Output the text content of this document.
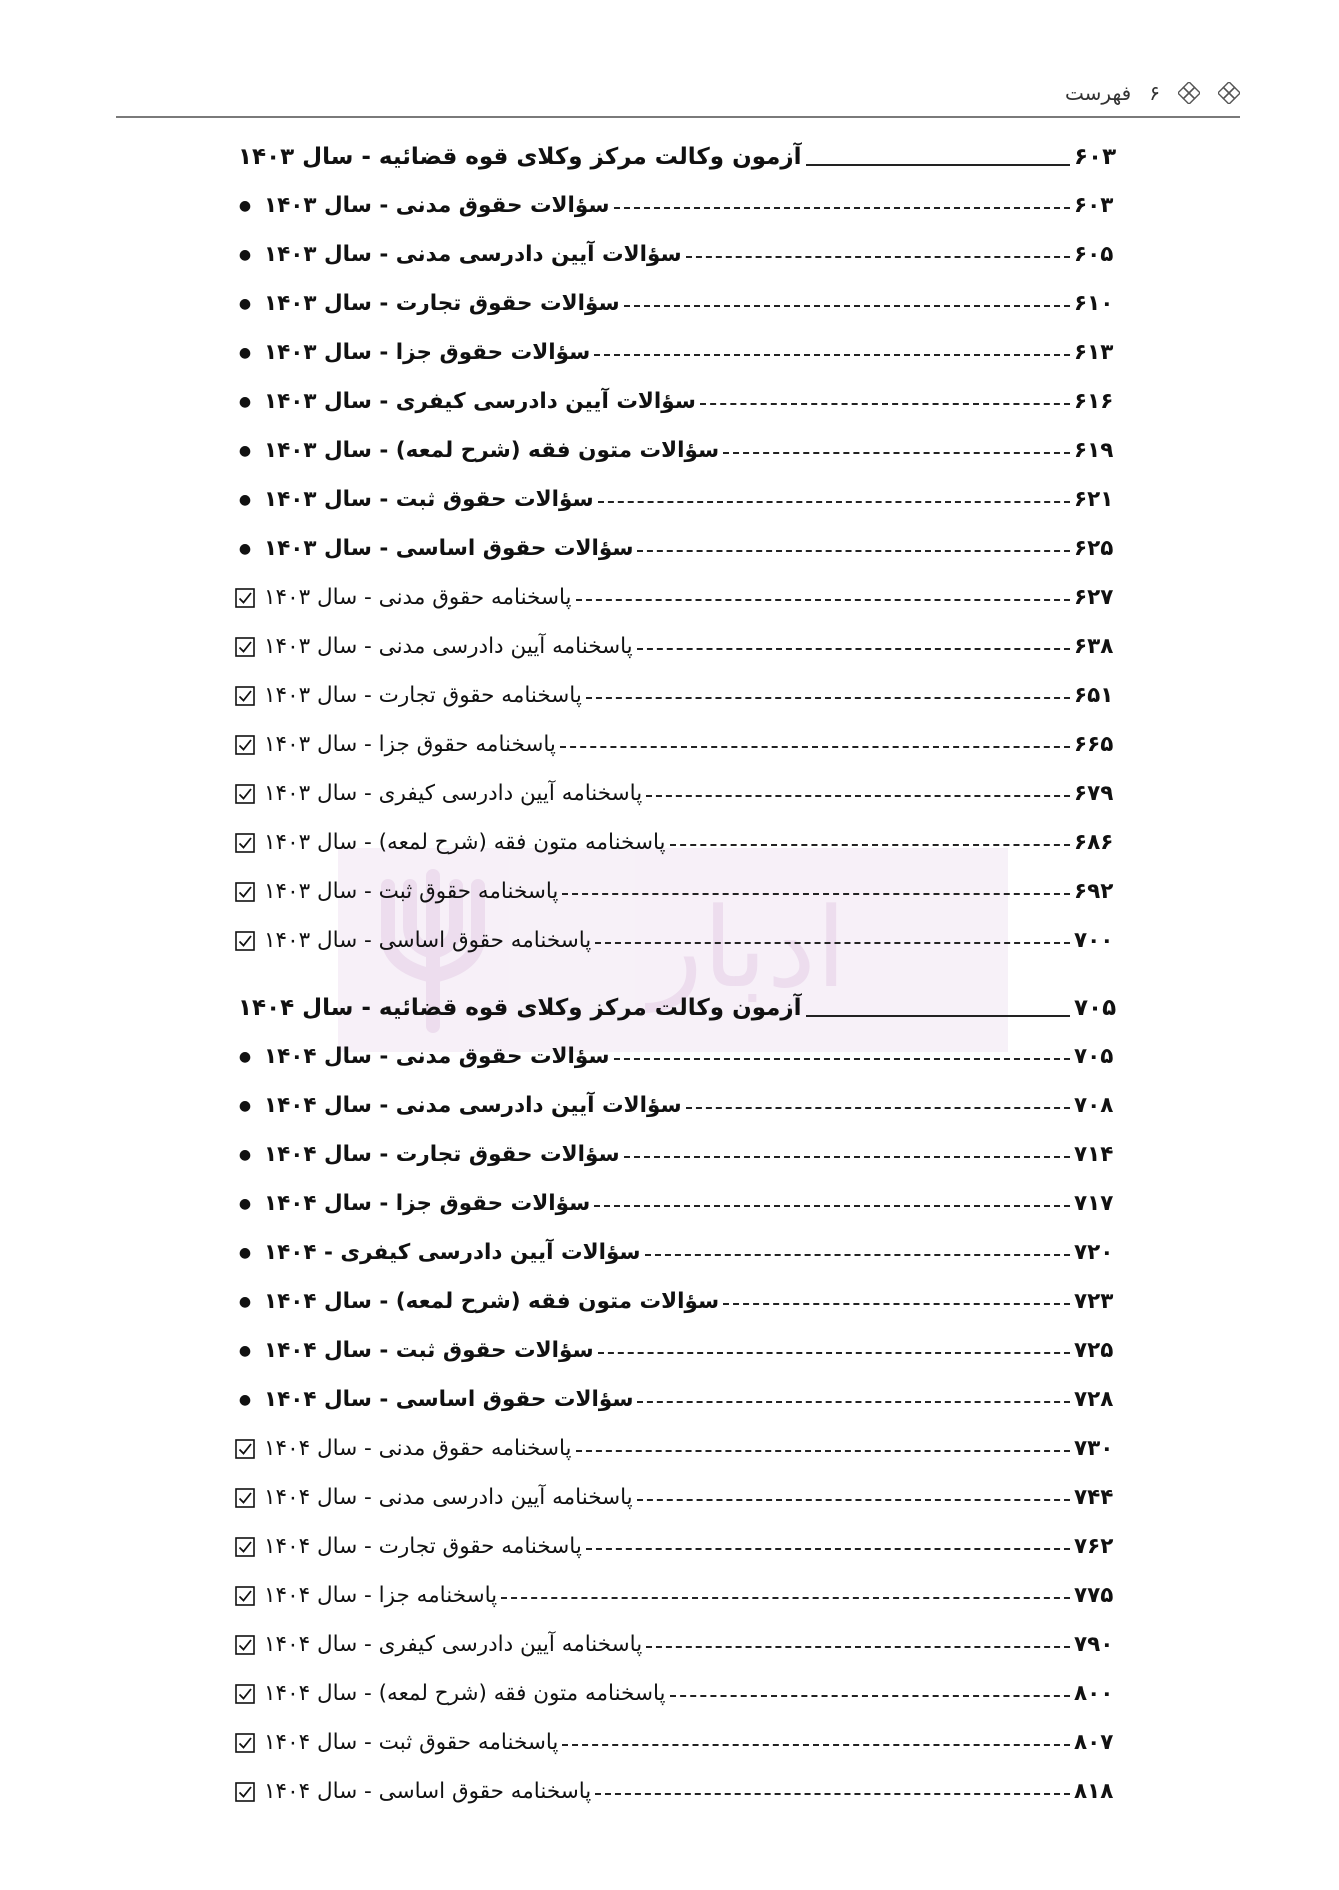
۶
فهرست
ادبار
آزمون وکالت مرکز وکلای قوه قضائیه - سال ۱۴۰۳	۶۰۳
● سؤالات حقوق مدنی - سال ۱۴۰۳	۶۰۳
● سؤالات آیین دادرسی مدنی - سال ۱۴۰۳	۶۰۵
● سؤالات حقوق تجارت - سال ۱۴۰۳	۶۱۰
● سؤالات حقوق جزا - سال ۱۴۰۳	۶۱۳
● سؤالات آیین دادرسی کیفری - سال ۱۴۰۳	۶۱۶
● سؤالات متون فقه (شرح لمعه) - سال ۱۴۰۳	۶۱۹
● سؤالات حقوق ثبت - سال ۱۴۰۳	۶۲۱
● سؤالات حقوق اساسی - سال ۱۴۰۳	۶۲۵
پاسخنامه حقوق مدنی - سال ۱۴۰۳	۶۲۷
پاسخنامه آیین دادرسی مدنی - سال ۱۴۰۳	۶۳۸
پاسخنامه حقوق تجارت - سال ۱۴۰۳	۶۵۱
پاسخنامه حقوق جزا - سال ۱۴۰۳	۶۶۵
پاسخنامه آیین دادرسی کیفری - سال ۱۴۰۳	۶۷۹
پاسخنامه متون فقه (شرح لمعه) - سال ۱۴۰۳	۶۸۶
پاسخنامه حقوق ثبت - سال ۱۴۰۳	۶۹۲
پاسخنامه حقوق اساسی - سال ۱۴۰۳	۷۰۰
آزمون وکالت مرکز وکلای قوه قضائیه - سال ۱۴۰۴	۷۰۵
● سؤالات حقوق مدنی - سال ۱۴۰۴	۷۰۵
● سؤالات آیین دادرسی مدنی - سال ۱۴۰۴	۷۰۸
● سؤالات حقوق تجارت - سال ۱۴۰۴	۷۱۴
● سؤالات حقوق جزا - سال ۱۴۰۴	۷۱۷
● سؤالات آیین دادرسی کیفری - ۱۴۰۴	۷۲۰
● سؤالات متون فقه (شرح لمعه) - سال ۱۴۰۴	۷۲۳
● سؤالات حقوق ثبت - سال ۱۴۰۴	۷۲۵
● سؤالات حقوق اساسی - سال ۱۴۰۴	۷۲۸
پاسخنامه حقوق مدنی - سال ۱۴۰۴	۷۳۰
پاسخنامه آیین دادرسی مدنی - سال ۱۴۰۴	۷۴۴
پاسخنامه حقوق تجارت - سال ۱۴۰۴	۷۶۲
پاسخنامه جزا - سال ۱۴۰۴	۷۷۵
پاسخنامه آیین دادرسی کیفری - سال ۱۴۰۴	۷۹۰
پاسخنامه متون فقه (شرح لمعه) - سال ۱۴۰۴	۸۰۰
پاسخنامه حقوق ثبت - سال ۱۴۰۴	۸۰۷
پاسخنامه حقوق اساسی - سال ۱۴۰۴	۸۱۸
